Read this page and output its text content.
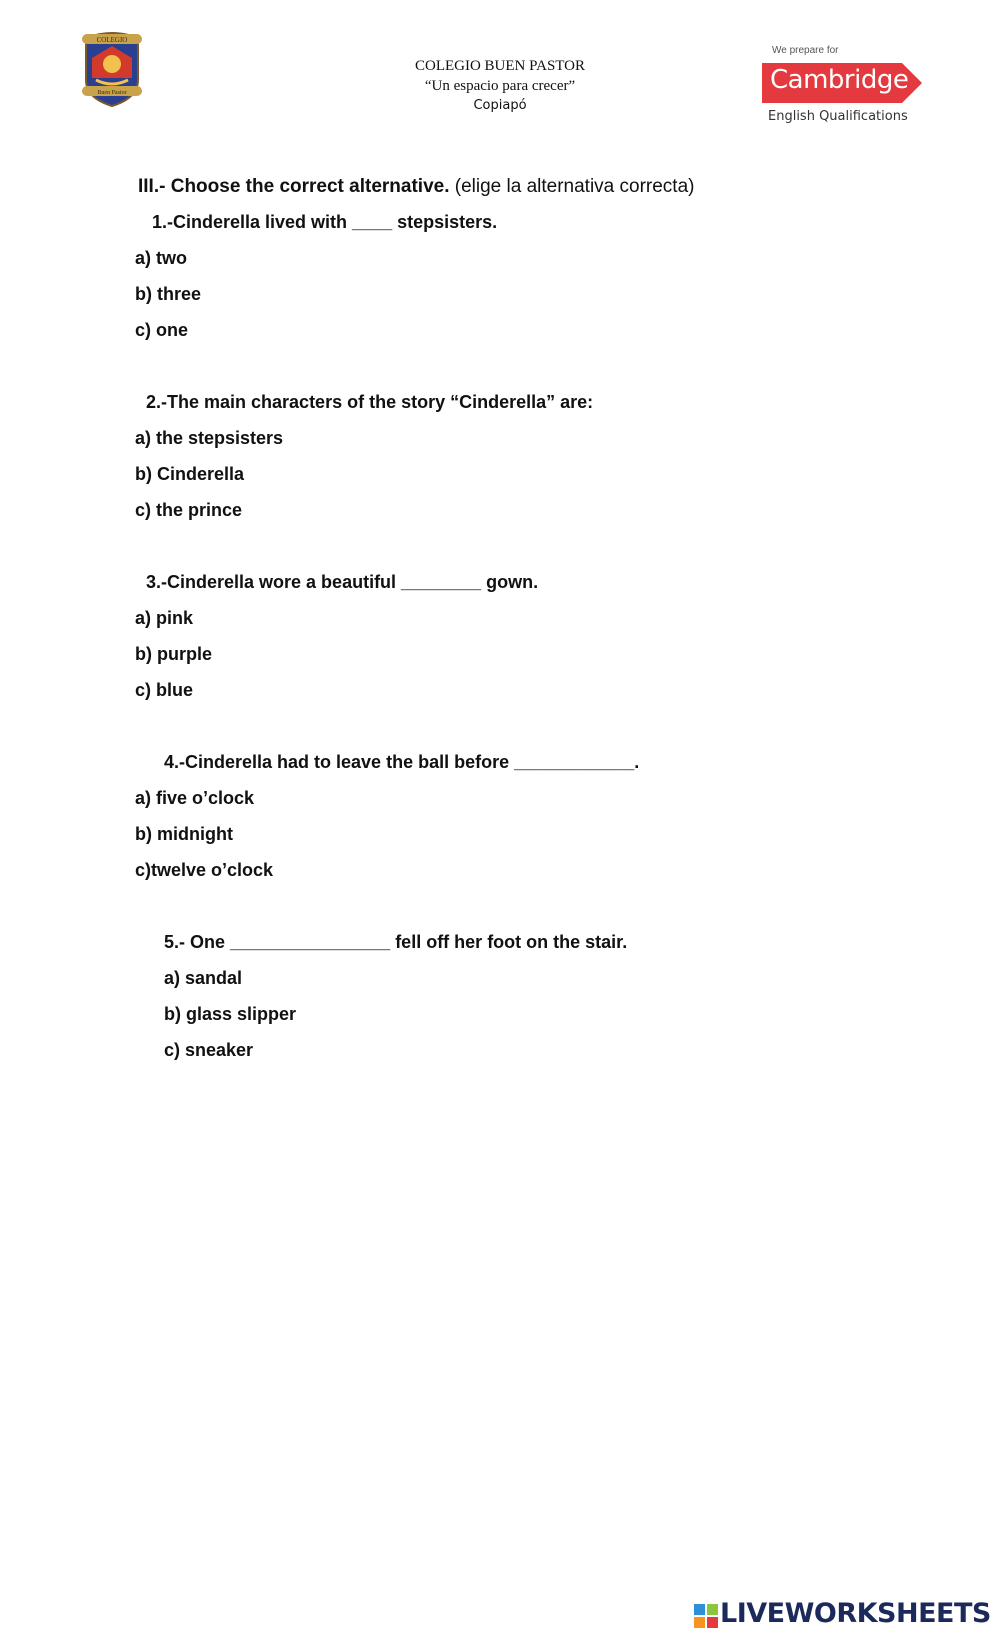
COLEGIO
Buen Pastor
COLEGIO BUEN PASTOR
“Un espacio para crecer”
Copiapó
We prepare for
Cambridge
English Qualifications
III.- Choose the correct alternative. (elige la alternativa correcta)
1.-Cinderella lived with ____ stepsisters.
a) two
b) three
c) one
2.-The main characters of the story “Cinderella” are:
a) the stepsisters
b) Cinderella
c) the prince
3.-Cinderella wore a beautiful ________ gown.
a) pink
b) purple
c) blue
4.-Cinderella had to leave the ball before ____________.
a) five o’clock
b) midnight
c)twelve o’clock
5.- One ________________ fell off her foot on the stair.
a) sandal
b) glass slipper
c) sneaker
LIVEWORKSHEETS
